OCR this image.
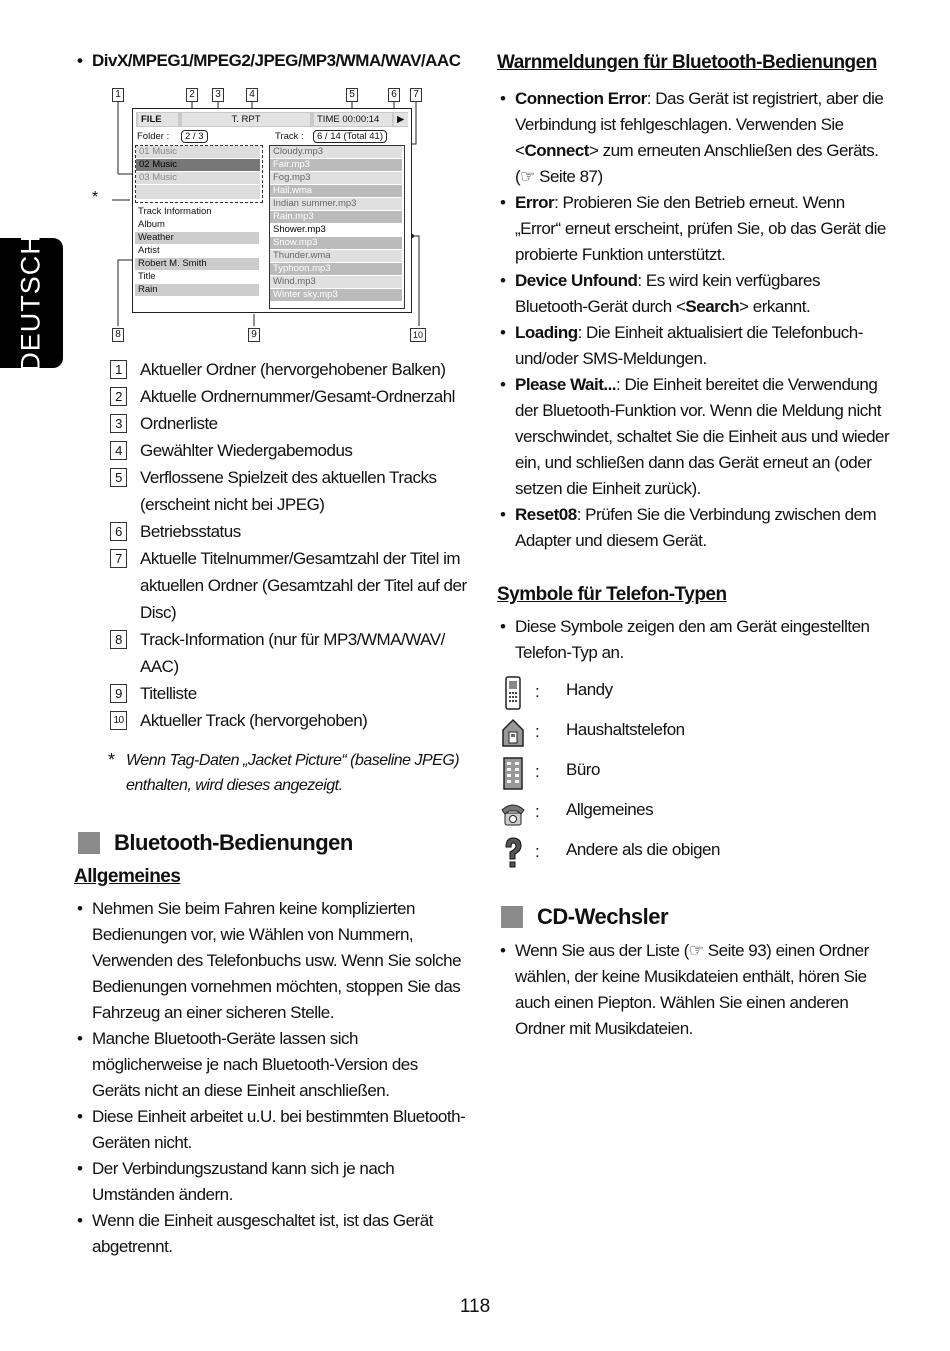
DEUTSCH
• DivX/MPEG1/MPEG2/JPEG/MP3/WMA/WAV/AAC
1	2	3	4	5	6	7
8	9	10
*
FILE	T. RPT	TIME 00:00:14	▶
Folder :	2 / 3	Track :	6 / 14 (Total 41)
01 Music
02 Music
03 Music
Track Information
Album
Weather
Artist
Robert M. Smith
Title
Rain
Cloudy.mp3
Fair.mp3
Fog.mp3
Hail.wma
Indian summer.mp3
Rain.mp3
Shower.mp3
Snow.mp3
Thunder.wma
Typhoon.mp3
Wind.mp3
Winter sky.mp3
1	Aktueller Ordner (hervorgehobener Balken)
2	Aktuelle Ordnernummer/Gesamt-Ordnerzahl
3	Ordnerliste
4	Gewählter Wiedergabemodus
5	Verflossene Spielzeit des aktuellen Tracks (erscheint nicht bei JPEG)
6	Betriebsstatus
7	Aktuelle Titelnummer/Gesamtzahl der Titel im aktuellen Ordner (Gesamtzahl der Titel auf der Disc)
8	Track-Information (nur für MP3/WMA/WAV/ AAC)
9	Titelliste
10 Aktueller Track (hervorgehoben)
* Wenn Tag-Daten „Jacket Picture“ (baseline JPEG) enthalten, wird dieses angezeigt.
Bluetooth-Bedienungen
Allgemeines
• Nehmen Sie beim Fahren keine komplizierten Bedienungen vor, wie Wählen von Nummern, Verwenden des Telefonbuchs usw. Wenn Sie solche Bedienungen vornehmen möchten, stoppen Sie das Fahrzeug an einer sicheren Stelle.
• Manche Bluetooth-Geräte lassen sich möglicherweise je nach Bluetooth-Version des Geräts nicht an diese Einheit anschließen.
• Diese Einheit arbeitet u.U. bei bestimmten Bluetooth-Geräten nicht.
• Der Verbindungszustand kann sich je nach Umständen ändern.
• Wenn die Einheit ausgeschaltet ist, ist das Gerät abgetrennt.
Warnmeldungen für Bluetooth-Bedienungen
• Connection Error: Das Gerät ist registriert, aber die Verbindung ist fehlgeschlagen. Verwenden Sie <Connect> zum erneuten Anschließen des Geräts. (☞ Seite 87)
• Error: Probieren Sie den Betrieb erneut. Wenn „Error“ erneut erscheint, prüfen Sie, ob das Gerät die probierte Funktion unterstützt.
• Device Unfound: Es wird kein verfügbares Bluetooth-Gerät durch <Search> erkannt.
• Loading: Die Einheit aktualisiert die Telefonbuch- und/oder SMS-Meldungen.
• Please Wait...: Die Einheit bereitet die Verwendung der Bluetooth-Funktion vor. Wenn die Meldung nicht verschwindet, schaltet Sie die Einheit aus und wieder ein, und schließen dann das Gerät erneut an (oder setzen die Einheit zurück).
• Reset08: Prüfen Sie die Verbindung zwischen dem Adapter und diesem Gerät.
Symbole für Telefon-Typen
• Diese Symbole zeigen den am Gerät eingestellten Telefon-Typ an.
: Handy
: Haushaltstelefon
: Büro
: Allgemeines
: Andere als die obigen
CD-Wechsler
• Wenn Sie aus der Liste (☞ Seite 93) einen Ordner wählen, der keine Musikdateien enthält, hören Sie auch einen Piepton. Wählen Sie einen anderen Ordner mit Musikdateien.
118
